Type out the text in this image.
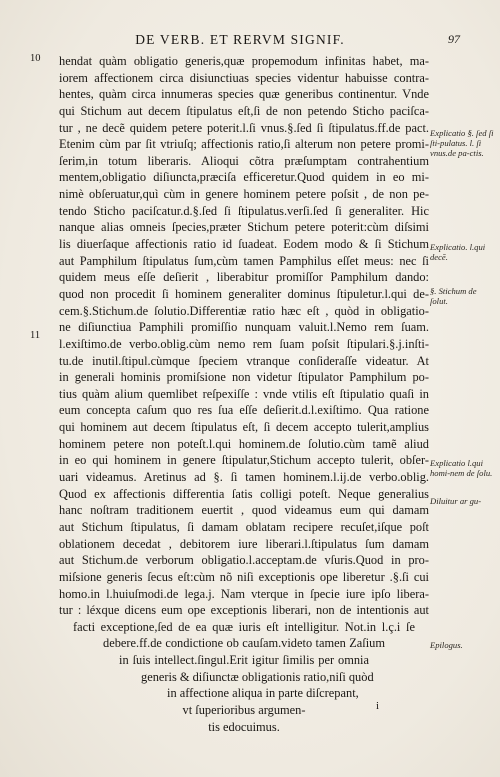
DE VERB. ET RERVM SIGNIF.	97
10
11
hendat quàm obligatio generis,quæ propemodum infinitas habet, ma-
iorem affectionem circa disiunctiuas species videntur habuisse contra-
hentes, quàm circa innumeras species quæ generibus continentur. Vnde
qui Stichum aut decem ſtipulatus eſt,ſi de non petendo Sticho paciſca-
tur , ne decẽ quidem petere poterit.l.ſi vnus.§.ſed ſi ſtipulatus.ff.de pact.
Etenim cùm par ſit vtriuſq; affectionis ratio,ſi alterum non petere promi-
ſerim,in totum liberaris. Alioqui cõtra præſumptam contrahentium
mentem,obligatio diſiuncta,præciſa efficeretur.Quod quidem in eo mi-
nimè obſeruatur,quì cùm in genere hominem petere poſsit , de non pe-
tendo Sticho paciſcatur.d.§.ſed ſi ſtipulatus.verſi.ſed ſi generaliter. Hic
nanque alias omneis ſpecies,præter Stichum petere poterit:cùm diſsimi
lis diuerſaque affectionis ratio id ſuadeat. Eodem modo & ſi Stichum
aut Pamphilum ſtipulatus ſum,cùm tamen Pamphilus eſſet meus: nec ſi
quidem meus eſſe deſierit , liberabitur promiſſor Pamphilum dando:
quod non procedit ſi hominem generaliter dominus ſtipuletur.l.qui de-
cem.§.Stichum.de ſolutio.Differentiæ ratio hæc eſt , quòd in obligatio-
ne diſiunctiua Pamphili promiſſio nunquam valuit.l.Nemo rem ſuam.
l.exiſtimo.de verbo.oblig.cùm nemo rem ſuam poſsit ſtipulari.§.j.inſti-
tu.de inutil.ſtipul.cùmque ſpeciem vtranque conſideraſſe videatur. At
in generali hominis promiſsione non videtur ſtipulator Pamphilum po-
tius quàm alium quemlibet reſpexiſſe : vnde vtilis eſt ſtipulatio quaſi in
eum concepta caſum quo res ſua eſſe deſierit.d.l.exiſtimo. Qua ratione
qui hominem aut decem ſtipulatus eſt, ſi decem accepto tulerit,amplius
hominem petere non poteſt.l.qui hominem.de ſolutio.cùm tamẽ aliud
in eo qui hominem in genere ſtipulatur,Stichum accepto tulerit, obſer-
uari videamus. Aretinus ad §. ſi tamen hominem.l.ij.de verbo.oblig.
Quod ex affectionis differentia ſatis colligi poteſt. Neque generalius
hanc noſtram traditionem euertit , quod videamus eum qui damam
aut Stichum ſtipulatus, ſi damam oblatam recipere recuſet,iſque poſt
oblationem decedat , debitorem iure liberari.l.ſtipulatus ſum damam
aut Stichum.de verborum obligatio.l.acceptam.de vſuris.Quod in pro-
miſsione generis ſecus eſt:cùm nõ niſi exceptionis ope liberetur .§.ſi cui
homo.in l.huiuſmodi.de lega.j. Nam vterque in ſpecie iure ipſo libera-
tur : léxque dicens eum ope exceptionis liberari, non de intentionis aut
facti exceptione,ſed de ea quæ iuris eſt intelligitur. Not.in l.ç.i ſe
debere.ff.de condictione ob cauſam.videto tamen Zaſium
in ſuis intellect.ſingul.Erit igitur ſimilis per omnia
generis & diſiunctæ obligationis ratio,niſi quòd
in affectione aliqua in parte diſcrepant,
vt ſuperioribus argumen-
tis edocuimus.
Explicatio §. ſed ſi ſti-pulatus. l. ſi vnus.de pa-ctis.
Explicatio. l.qui decē.
§. Stichum de ſolut.
Explicatio l.qui homi-nem de ſolu.
Diluitur ar gu-
Epilogus.
i
